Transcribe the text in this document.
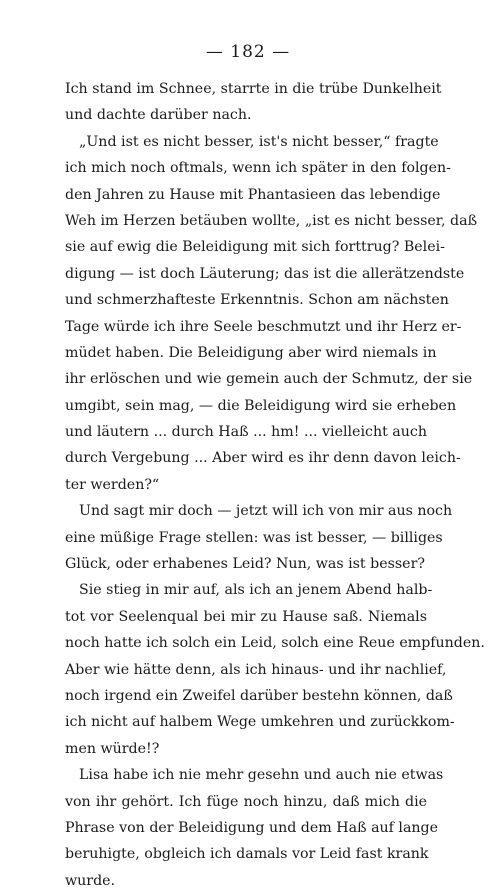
— 182 —
Ich stand im Schnee, starrte in die trübe Dunkelheit
und dachte darüber nach.
„Und ist es nicht besser, ist's nicht besser,“ fragte
ich mich noch oftmals, wenn ich später in den folgen-
den Jahren zu Hause mit Phantasieen das lebendige
Weh im Herzen betäuben wollte, „ist es nicht besser, daß
sie auf ewig die Beleidigung mit sich forttrug? Belei-
digung — ist doch Läuterung; das ist die allerätzendste
und schmerzhafteste Erkenntnis. Schon am nächsten
Tage würde ich ihre Seele beschmutzt und ihr Herz er-
müdet haben. Die Beleidigung aber wird niemals in
ihr erlöschen und wie gemein auch der Schmutz, der sie
umgibt, sein mag, — die Beleidigung wird sie erheben
und läutern ... durch Haß ... hm! ... vielleicht auch
durch Vergebung ... Aber wird es ihr denn davon leich-
ter werden?“
Und sagt mir doch — jetzt will ich von mir aus noch
eine müßige Frage stellen: was ist besser, — billiges
Glück, oder erhabenes Leid? Nun, was ist besser?
Sie stieg in mir auf, als ich an jenem Abend halb-
tot vor Seelenqual bei mir zu Hause saß. Niemals
noch hatte ich solch ein Leid, solch eine Reue empfunden.
Aber wie hätte denn, als ich hinaus- und ihr nachlief,
noch irgend ein Zweifel darüber bestehn können, daß
ich nicht auf halbem Wege umkehren und zurückkom-
men würde!?
Lisa habe ich nie mehr gesehn und auch nie etwas
von ihr gehört. Ich füge noch hinzu, daß mich die
Phrase von der Beleidigung und dem Haß auf lange
beruhigte, obgleich ich damals vor Leid fast krank
wurde.
